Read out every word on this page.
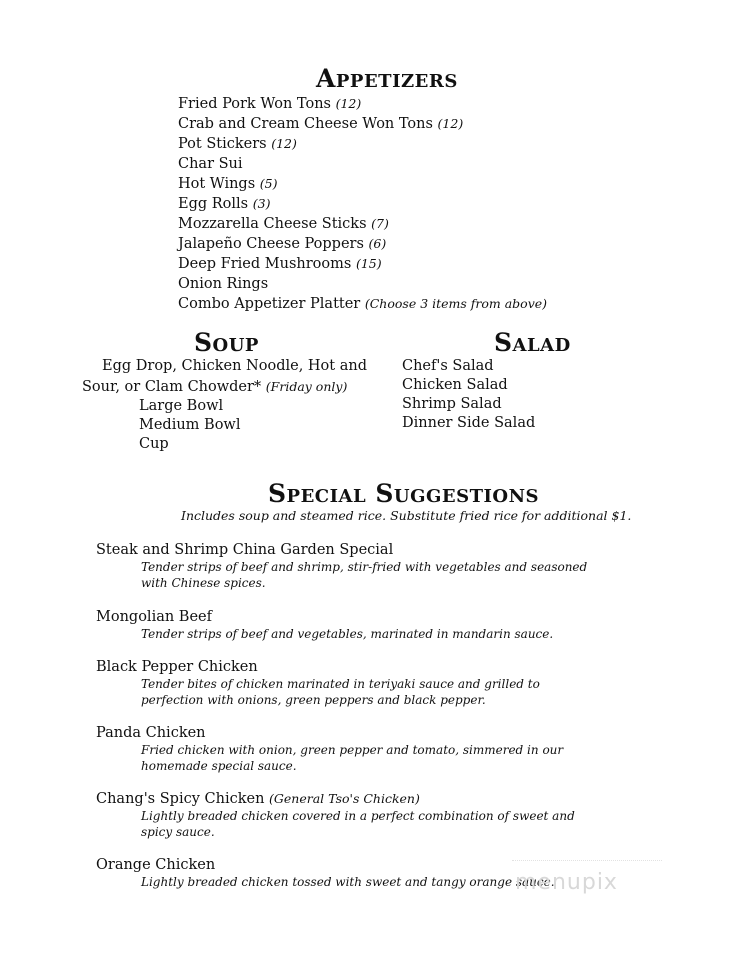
Appetizers
Fried Pork Won Tons (12)
Crab and Cream Cheese Won Tons (12)
Pot Stickers (12)
Char Sui
Hot Wings (5)
Egg Rolls (3)
Mozzarella Cheese Sticks (7)
Jalapeño Cheese Poppers (6)
Deep Fried Mushrooms (15)
Onion Rings
Combo Appetizer Platter (Choose 3 items from above)
Soup
Egg Drop, Chicken Noodle, Hot and
Sour, or Clam Chowder* (Friday only)
Large Bowl
Medium Bowl
Cup
Salad
Chef's Salad
Chicken Salad
Shrimp Salad
Dinner Side Salad
Special Suggestions
Includes soup and steamed rice. Substitute fried rice for additional $1.
Steak and Shrimp China Garden Special
Tender strips of beef and shrimp, stir-fried with vegetables and seasoned with Chinese spices.
Mongolian Beef
Tender strips of beef and vegetables, marinated in mandarin sauce.
Black Pepper Chicken
Tender bites of chicken marinated in teriyaki sauce and grilled to perfection with onions, green peppers and black pepper.
Panda Chicken
Fried chicken with onion, green pepper and tomato, simmered in our homemade special sauce.
Chang's Spicy Chicken (General Tso's Chicken)
Lightly breaded chicken covered in a perfect combination of sweet and spicy sauce.
Orange Chicken
Lightly breaded chicken tossed with sweet and tangy orange sauce.
menupix
